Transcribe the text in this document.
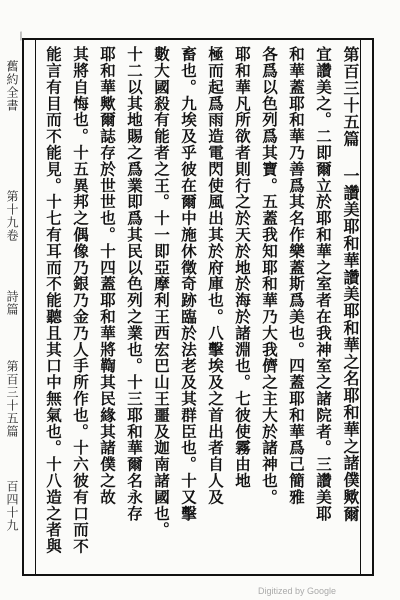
㇑
舊約全書
第十九卷
詩篇
第百三十五篇
百四十九	第百三十五篇 一讚美耶和華讚美耶和華之名耶和華之諸僕歟爾
宜讚美之。二即爾立於耶和華之室者在我神室之諸院者。三讚美耶
和華蓋耶和華乃善爲其名作樂蓋斯爲美也。四蓋耶和華爲己簡雅
各爲以色列爲其寶。五蓋我知耶和華乃大我儕之主大於諸神也。
耶和華凡所欲者則行之於天於地於海於諸淵也。七彼使霧由地
極而起爲雨造電閃使風出其於府庫也。八擊埃及之首出者自人及
畜也。九埃及乎彼在爾中施休徵奇跡臨於法老及其群臣也。十又擊
數大國殺有能者之王。十一即亞摩利王西宏巴山王噩及迦南諸國也。
十二以其地賜之爲業即爲其民以色列之業也。十三耶和華爾名永存
耶和華歟爾誌存於世世也。十四蓋耶和華將鞫其民緣其諸僕之故
其將自悔也。十五異邦之偶像乃銀乃金乃人手所作也。十六彼有口而不
能言有目而不能見。十七有耳而不能聽且其口中無氣也。十八造之者與
Digitized by Google
